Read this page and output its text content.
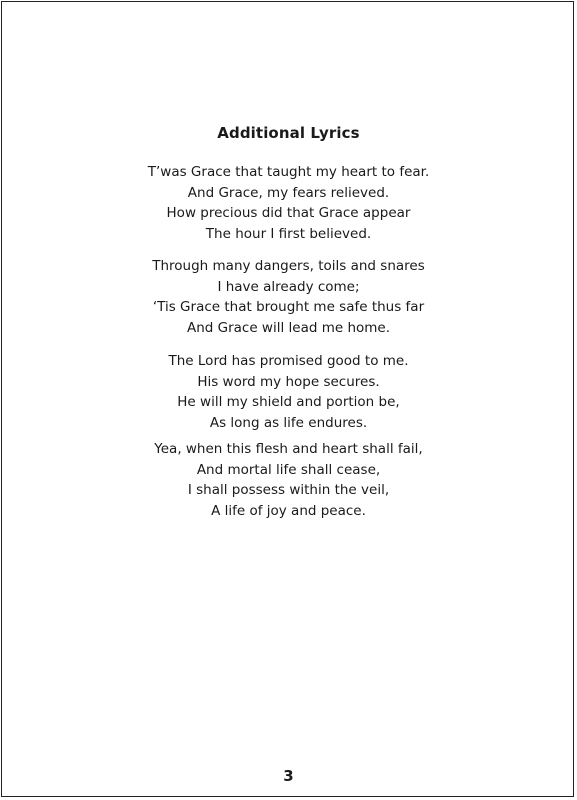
Additional Lyrics
T’was Grace that taught my heart to fear.
And Grace, my fears relieved.
How precious did that Grace appear
The hour I first believed.
Through many dangers, toils and snares
I have already come;
‘Tis Grace that brought me safe thus far
And Grace will lead me home.
The Lord has promised good to me.
His word my hope secures.
He will my shield and portion be,
As long as life endures.
Yea, when this flesh and heart shall fail,
And mortal life shall cease,
I shall possess within the veil,
A life of joy and peace.
3
